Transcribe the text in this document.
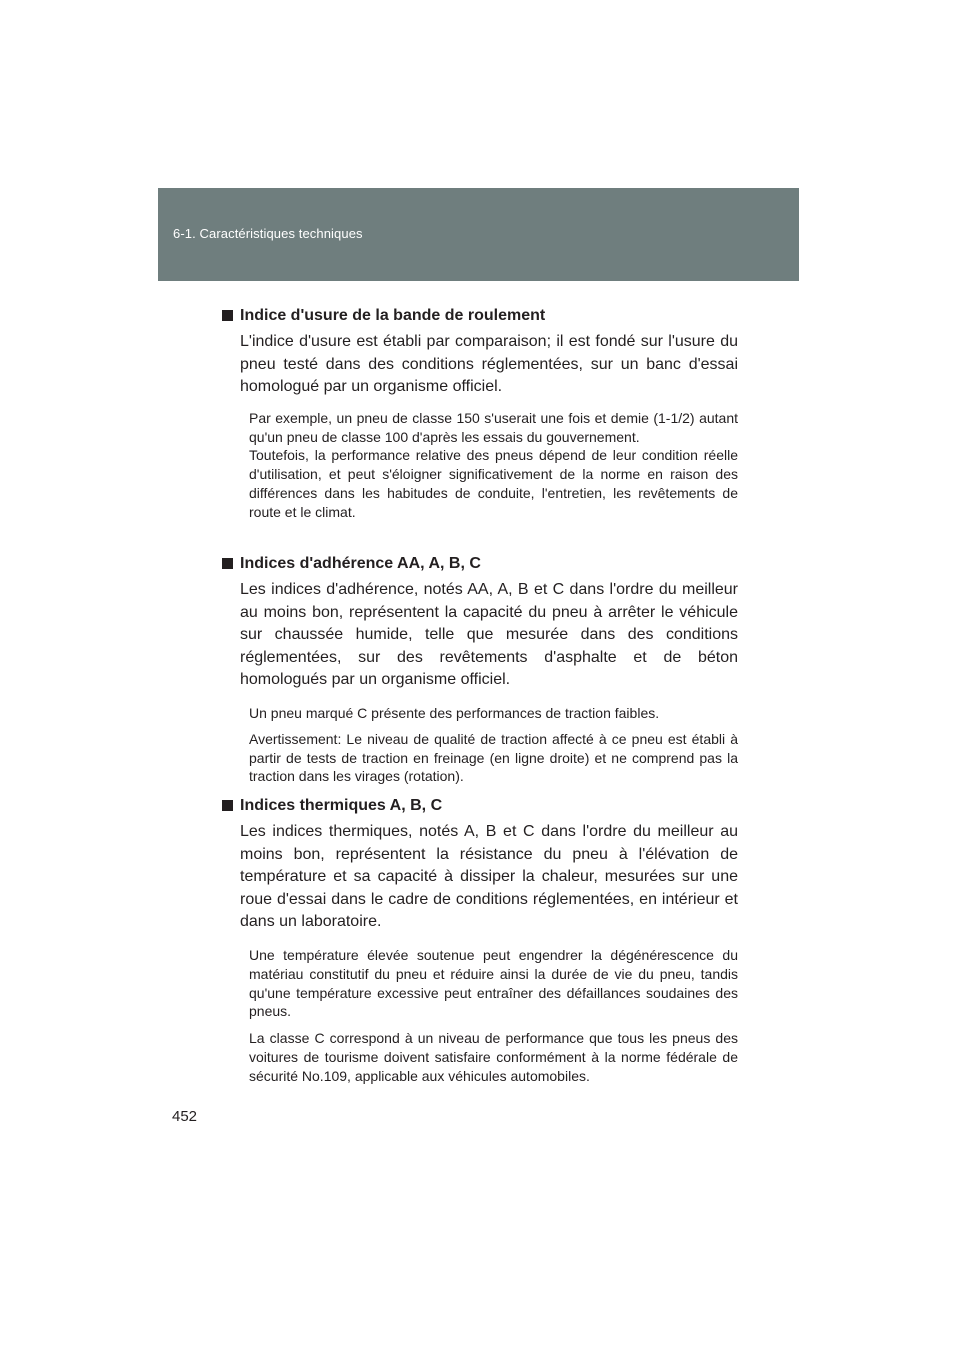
6-1. Caractéristiques techniques
Indice d'usure de la bande de roulement
L'indice d'usure est établi par comparaison; il est fondé sur l'usure du pneu testé dans des conditions réglementées, sur un banc d'essai homologué par un organisme officiel.
Par exemple, un pneu de classe 150 s'userait une fois et demie (1-1/2) autant qu'un pneu de classe 100 d'après les essais du gouvernement.
Toutefois, la performance relative des pneus dépend de leur condition réelle d'utilisation, et peut s'éloigner significativement de la norme en raison des différences dans les habitudes de conduite, l'entretien, les revêtements de route et le climat.
Indices d'adhérence AA, A, B, C
Les indices d'adhérence, notés AA, A, B et C dans l'ordre du meilleur au moins bon, représentent la capacité du pneu à arrêter le véhicule sur chaussée humide, telle que mesurée dans des conditions réglementées, sur des revêtements d'asphalte et de béton homologués par un organisme officiel.
Un pneu marqué C présente des performances de traction faibles.
Avertissement: Le niveau de qualité de traction affecté à ce pneu est établi à partir de tests de traction en freinage (en ligne droite) et ne comprend pas la traction dans les virages (rotation).
Indices thermiques A, B, C
Les indices thermiques, notés A, B et C dans l'ordre du meilleur au moins bon, représentent la résistance du pneu à l'élévation de température et sa capacité à dissiper la chaleur, mesurées sur une roue d'essai dans le cadre de conditions réglementées, en intérieur et dans un laboratoire.
Une température élevée soutenue peut engendrer la dégénérescence du matériau constitutif du pneu et réduire ainsi la durée de vie du pneu, tandis qu'une température excessive peut entraîner des défaillances soudaines des pneus.
La classe C correspond à un niveau de performance que tous les pneus des voitures de tourisme doivent satisfaire conformément à la norme fédérale de sécurité No.109, applicable aux véhicules automobiles.
452
